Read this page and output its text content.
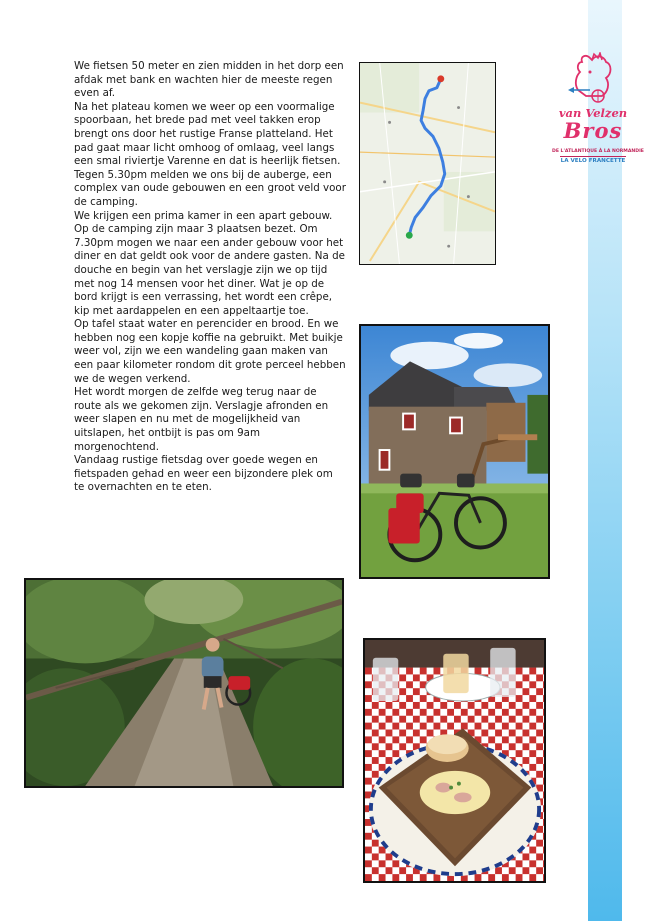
We fietsen 50 meter en zien midden in het dorp een afdak met bank en wachten hier de meeste regen even af.

Na het plateau komen we weer op een voormalige spoorbaan, het brede pad met veel takken erop brengt ons door het rustige Franse platteland. Het pad gaat maar licht omhoog of omlaag, veel langs een smal riviertje Varenne en dat is heerlijk fietsen.

Tegen 5.30pm melden we ons bij de auberge, een complex van oude gebouwen en een groot veld voor de camping.

We krijgen een prima kamer in een apart gebouw. Op de camping zijn maar 3 plaatsen bezet. Om 7.30pm mogen we naar een ander gebouw voor het diner en dat geldt ook voor de andere gasten. Na de douche en begin van het verslagje zijn we op tijd met nog 14 mensen voor het diner. Wat je op de bord krijgt is een verrassing, het wordt een crêpe, kip met aardappelen en een appeltaartje toe.

Op tafel staat water en perencider en brood. En we hebben nog een kopje koffie na gebruikt. Met buikje weer vol, zijn we een wandeling gaan maken van een paar kilometer rondom dit grote perceel hebben we de wegen verkend.

Het wordt morgen de zelfde weg terug naar de route als we gekomen zijn. Verslagje afronden en weer slapen en nu met de mogelijkheid van uitslapen, het ontbijt is pas om 9am morgenochtend.

Vandaag rustige fietsdag over goede wegen en fietspaden gehad en weer een bijzondere plek om te overnachten en te eten.

van Velzen
Bros
DE L'ATLANTIQUE À LA NORMANDIE
LA VELO FRANCETTE
